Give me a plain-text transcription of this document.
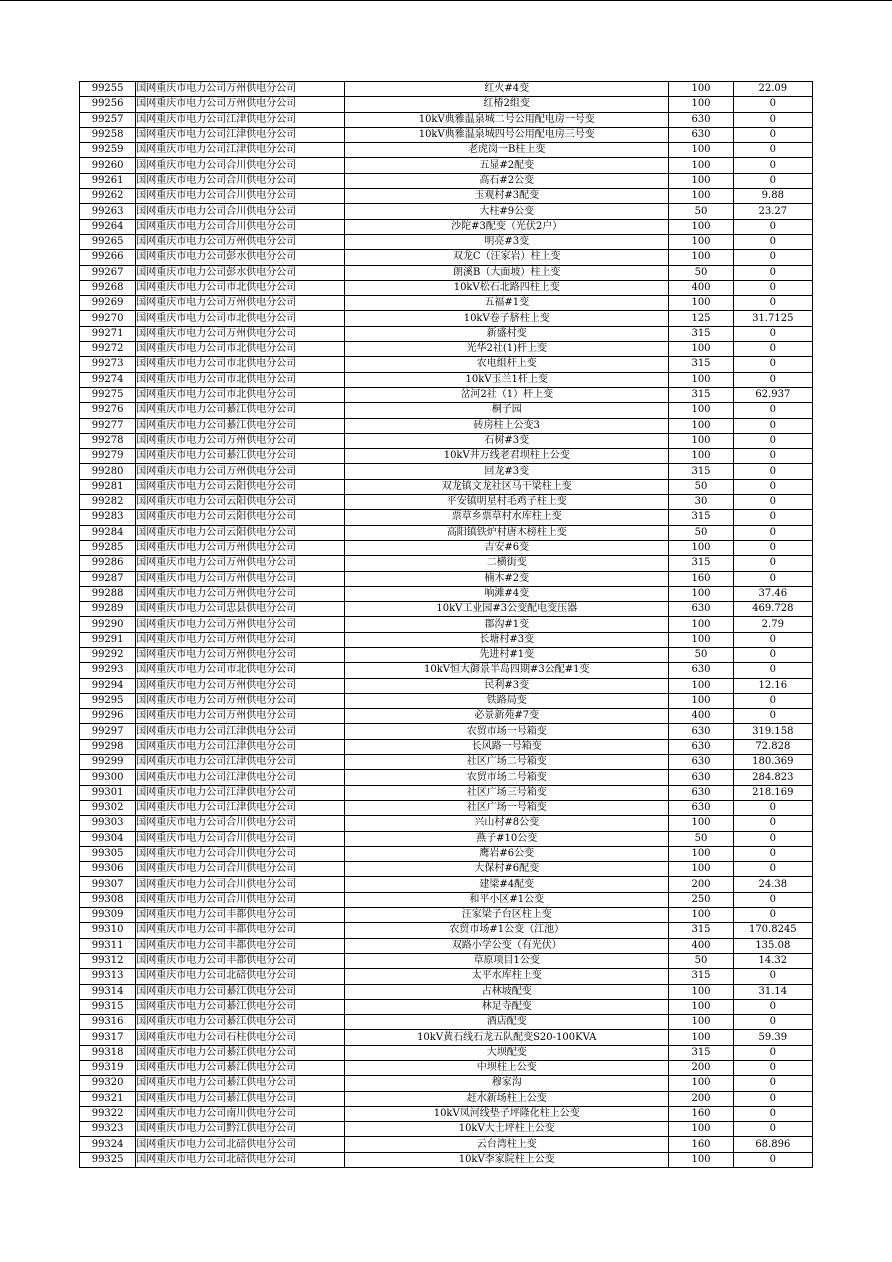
99255	国网重庆市电力公司万州供电分公司	红火#4变	100	22.09
99256	国网重庆市电力公司万州供电分公司	红椿2组变	100	0
99257	国网重庆市电力公司江津供电分公司	10kV典雅温泉城二号公用配电房一号变	630	0
99258	国网重庆市电力公司江津供电分公司	10kV典雅温泉城四号公用配电房三号变	630	0
99259	国网重庆市电力公司江津供电分公司	老虎岗一B柱上变	100	0
99260	国网重庆市电力公司合川供电分公司	五显#2配变	100	0
99261	国网重庆市电力公司合川供电分公司	高石#2公变	100	0
99262	国网重庆市电力公司合川供电分公司	玉观村#3配变	100	9.88
99263	国网重庆市电力公司合川供电分公司	大柱#9公变	50	23.27
99264	国网重庆市电力公司合川供电分公司	沙陀#3配变（光伏2户）	100	0
99265	国网重庆市电力公司万州供电分公司	明亮#3变	100	0
99266	国网重庆市电力公司彭水供电分公司	双龙C（汪家岩）柱上变	100	0
99267	国网重庆市电力公司彭水供电分公司	朗溪B（大面坡）柱上变	50	0
99268	国网重庆市电力公司市北供电分公司	10kV松石北路四柱上变	400	0
99269	国网重庆市电力公司万州供电分公司	五福#1变	100	0
99270	国网重庆市电力公司市北供电分公司	10kV卷子脐柱上变	125	31.7125
99271	国网重庆市电力公司万州供电分公司	新盛村变	315	0
99272	国网重庆市电力公司市北供电分公司	光华2社(1)杆上变	100	0
99273	国网重庆市电力公司市北供电分公司	农电组杆上变	315	0
99274	国网重庆市电力公司市北供电分公司	10kV玉兰1杆上变	100	0
99275	国网重庆市电力公司市北供电分公司	岔河2社（1）杆上变	315	62.937
99276	国网重庆市电力公司綦江供电分公司	桐子园	100	0
99277	国网重庆市电力公司綦江供电分公司	砖房柱上公变3	100	0
99278	国网重庆市电力公司万州供电分公司	石树#3变	100	0
99279	国网重庆市电力公司綦江供电分公司	10kV井万线老君坝柱上公变	100	0
99280	国网重庆市电力公司万州供电分公司	回龙#3变	315	0
99281	国网重庆市电力公司云阳供电分公司	双龙镇文龙社区马干梁柱上变	50	0
99282	国网重庆市电力公司云阳供电分公司	平安镇明星村毛鸡子柱上变	30	0
99283	国网重庆市电力公司云阳供电分公司	票草乡票草村水库柱上变	315	0
99284	国网重庆市电力公司云阳供电分公司	高阳镇铁炉村唐木榜柱上变	50	0
99285	国网重庆市电力公司万州供电分公司	吉安#6变	100	0
99286	国网重庆市电力公司万州供电分公司	二横街变	315	0
99287	国网重庆市电力公司万州供电分公司	楠木#2变	160	0
99288	国网重庆市电力公司万州供电分公司	响滩#4变	100	37.46
99289	国网重庆市电力公司忠县供电分公司	10kV工业园#3公变配电变压器	630	469.728
99290	国网重庆市电力公司万州供电分公司	郡沟#1变	100	2.79
99291	国网重庆市电力公司万州供电分公司	长塘村#3变	100	0
99292	国网重庆市电力公司万州供电分公司	先进村#1变	50	0
99293	国网重庆市电力公司市北供电分公司	10kV恒大御景半岛四期#3公配#1变	630	0
99294	国网重庆市电力公司万州供电分公司	民利#3变	100	12.16
99295	国网重庆市电力公司万州供电分公司	铁路局变	100	0
99296	国网重庆市电力公司万州供电分公司	必景新苑#7变	400	0
99297	国网重庆市电力公司江津供电分公司	农贸市场一号箱变	630	319.158
99298	国网重庆市电力公司江津供电分公司	长风路一号箱变	630	72.828
99299	国网重庆市电力公司江津供电分公司	社区广场二号箱变	630	180.369
99300	国网重庆市电力公司江津供电分公司	农贸市场二号箱变	630	284.823
99301	国网重庆市电力公司江津供电分公司	社区广场三号箱变	630	218.169
99302	国网重庆市电力公司江津供电分公司	社区广场一号箱变	630	0
99303	国网重庆市电力公司合川供电分公司	兴山村#8公变	100	0
99304	国网重庆市电力公司合川供电分公司	燕子#10公变	50	0
99305	国网重庆市电力公司合川供电分公司	鹰岩#6公变	100	0
99306	国网重庆市电力公司合川供电分公司	大保村#6配变	100	0
99307	国网重庆市电力公司合川供电分公司	建梁#4配变	200	24.38
99308	国网重庆市电力公司合川供电分公司	和平小区#1公变	250	0
99309	国网重庆市电力公司丰都供电分公司	汪家梁子台区柱上变	100	0
99310	国网重庆市电力公司丰都供电分公司	农贸市场#1公变（江池）	315	170.8245
99311	国网重庆市电力公司丰都供电分公司	双路小学公变（有光伏）	400	135.08
99312	国网重庆市电力公司丰都供电分公司	草原项目1公变	50	14.32
99313	国网重庆市电力公司北碚供电分公司	太平水库柱上变	315	0
99314	国网重庆市电力公司綦江供电分公司	占林坡配变	100	31.14
99315	国网重庆市电力公司綦江供电分公司	林足寺配变	100	0
99316	国网重庆市电力公司綦江供电分公司	酒店配变	100	0
99317	国网重庆市电力公司石柱供电分公司	10kV黄石线石龙五队配变S20-100KVA	100	59.39
99318	国网重庆市电力公司綦江供电分公司	大坝配变	315	0
99319	国网重庆市电力公司綦江供电分公司	中坝柱上公变	200	0
99320	国网重庆市电力公司綦江供电分公司	穆家沟	100	0
99321	国网重庆市电力公司綦江供电分公司	赶水新场柱上公变	200	0
99322	国网重庆市电力公司南川供电分公司	10kV凤河线垫子坪隆化柱上公变	160	0
99323	国网重庆市电力公司黔江供电分公司	10kV大土坪柱上公变	100	0
99324	国网重庆市电力公司北碚供电分公司	云台湾柱上变	160	68.896
99325	国网重庆市电力公司北碚供电分公司	10kV李家院柱上公变	100	0
